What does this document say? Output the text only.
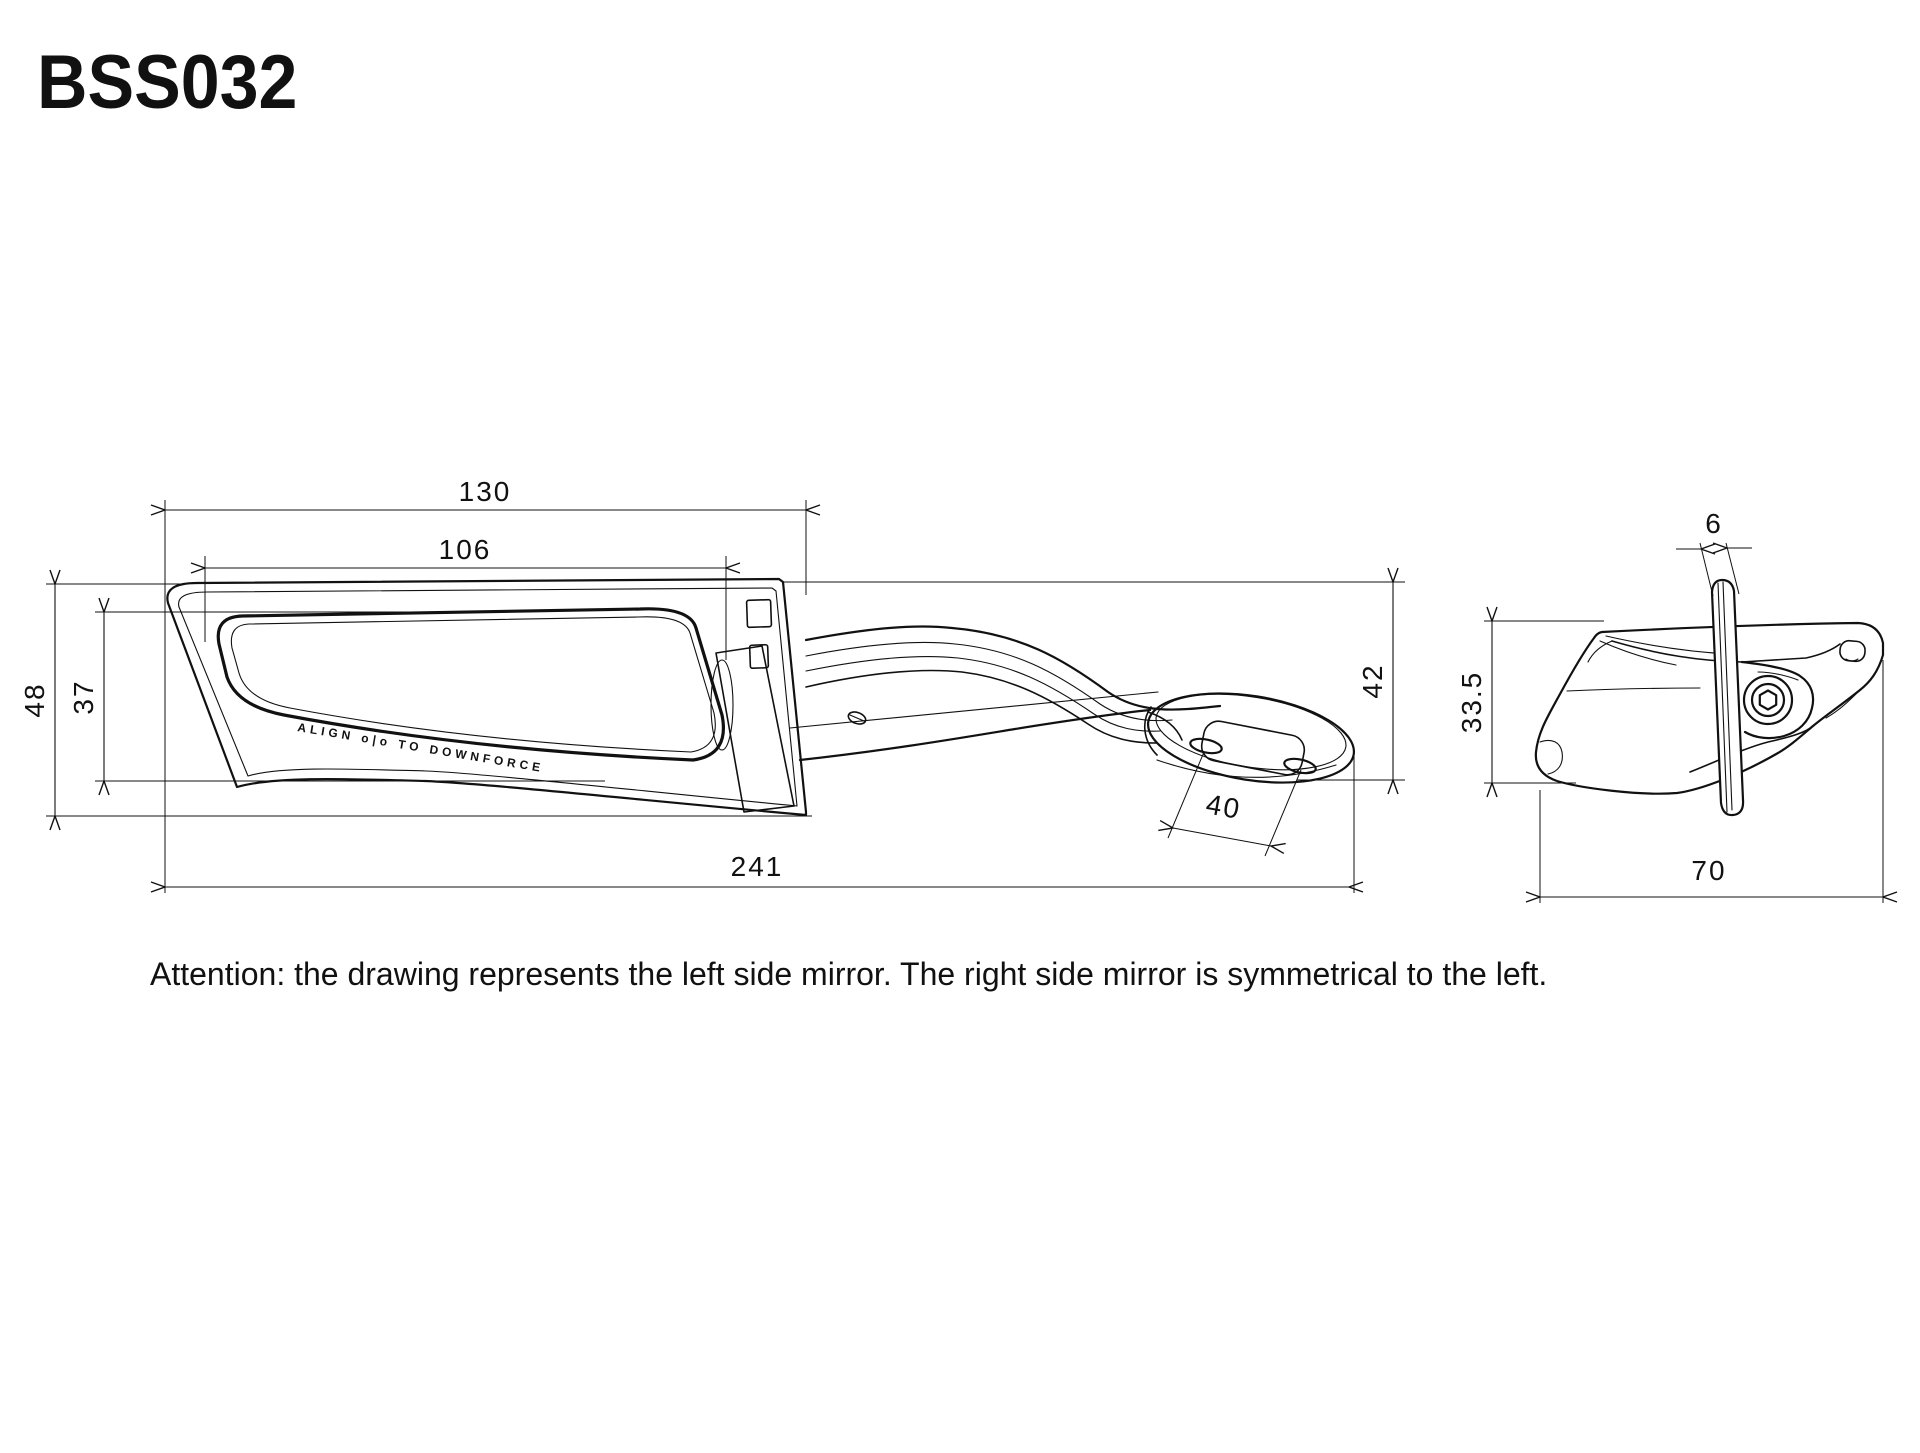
BSS032
ALIGN o|o TO DOWNFORCE
130
106
48 37
241
42
40
6
33.5
70
Attention: the drawing represents the left side mirror. The right side mirror is symmetrical to the left.
